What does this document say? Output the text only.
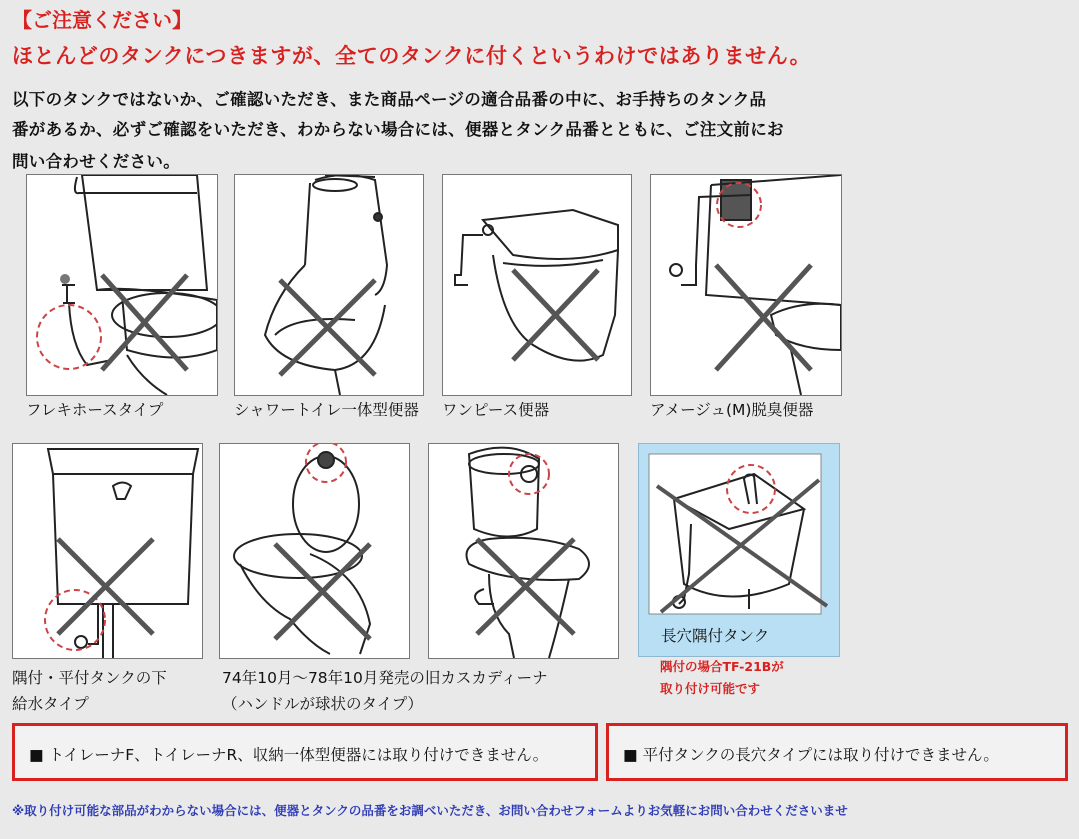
【ご注意ください】
ほとんどのタンクにつきますが、全てのタンクに付くというわけではありません。
以下のタンクではないか、ご確認いただき、また商品ページの適合品番の中に、お手持ちのタンク品
番があるか、必ずご確認をいただき、わからない場合には、便器とタンク品番とともに、ご注文前にお
問い合わせください。
フレキホースタイプ	シャワートイレ一体型便器 ワンピース便器	アメージュ(M)脱臭便器
隅付・平付タンクの下
給水タイプ
74年10月～78年10月発売の旧カスカディーナ
（ハンドルが球状のタイプ）
長穴隅付タンク
隅付の場合TF-21Bが
取り付け可能です
■ トイレーナF、トイレーナR、収納一体型便器には取り付けできません。	■ 平付タンクの長穴タイプには取り付けできません。
※取り付け可能な部品がわからない場合には、便器とタンクの品番をお調べいただき、お問い合わせフォームよりお気軽にお問い合わせくださいませ
